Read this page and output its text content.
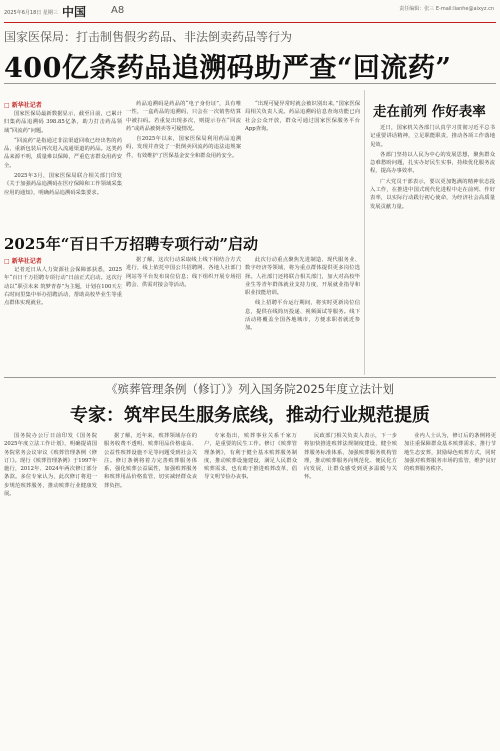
2025年6月18日 星期三 中国 A8	责任编辑：张三 E-mail:lianhe@aixyz.cn
国家医保局：打击制售假劣药品、非法倒卖药品等行为
400亿条药品追溯码助严查“回流药”
□ 新华社记者

国家医保局最新数据显示，截至目前，已累计归集药品追溯码 398.85亿条，助力打击药品领域“回流药”问题。

“回流药”是指通过非法渠道回收已经出售的药品，重新包装后再次进入流通渠道的药品。这类药品来源不明，质量难以保障，严重危害群众用药安全。

2025年3月，国家医保局联合相关部门印发《关于加强药品追溯码在医疗保障和工作领域采集应用的通知》，明确药品追溯码采集要求。

药品追溯码是药品的“电子身份证”，具有唯一性，一盒药品的追溯码，只会在一次销售结算中被扫码。若重复出现多次，则提示存在“回流药”或药品被倒卖等可疑情况。

自2025年以来，国家医保局利用药品追溯码，发现并查处了一批倒卖回流药的违法违规案件，有效维护了医保基金安全和群众用药安全。

“出现可疑异常时就会被识别出来，”国家医保局相关负责人说。药品追溯码信息查询功能已向社会公众开放，群众可通过国家医保服务平台App查询。

2025年“百日千万招聘专项行动”启动
□ 新华社记者

记者近日从人力资源社会保障部获悉，2025年“百日千万招聘专项行动”日前正式启动。这次行动以“职引未来 筑梦青春”为主题，计划在100天左右时间里集中举办招聘活动，帮助高校毕业生等重点群体实现就业。

据了解，这次行动采取线上线下相结合方式进行，线上依托中国公共招聘网、各地人社部门网站等平台发布岗位信息；线下组织开展专场招聘会、供需对接会等活动。

此次行动重点聚焦先进制造、现代服务业、数字经济等领域，将为重点群体提供更多岗位选择。人社部门还将联合相关部门，加大对高校毕业生等青年群体就业支持力度，开展就业指导和职业技能培训。

线上招聘平台运行期间，将实时更新岗位信息，提供在线简历投递、视频面试等服务。线下活动将覆盖全国各地城市，方便求职者就近参加。

走在前列 作好表率

近日，国家机关各部门认真学习贯彻习近平总书记重要讲话精神，立足职能职责，推动各项工作落地见效。

各部门坚持以人民为中心的发展思想，聚焦群众急难愁盼问题，扎实办好民生实事，持续优化服务流程，提高办事效率。

广大党员干部表示，要以更加饱满的精神状态投入工作，在推进中国式现代化进程中走在前列、作好表率，以实际行动践行初心使命，为经济社会高质量发展贡献力量。

《殡葬管理条例（修订）》列入国务院2025年度立法计划
专家：筑牢民生服务底线，推动行业规范提质

国务院办公厅日前印发《国务院2025年度立法工作计划》，明确提请国务院常务会议审议《殡葬管理条例（修订）》。现行《殡葬管理条例》于1997年施行，2012年、2024年两次修订部分条款。多位专家认为，此次修订将进一步规范殡葬服务，推动殡葬行业健康发展。

据了解，近年来，殡葬领域存在的服务收费不透明、殡葬用品价格虚高、公益性殡葬设施不足等问题受到社会关注。修订条例将着力完善殡葬服务体系，强化殡葬公益属性，加强殡葬服务和殡葬用品价格监管，切实减轻群众丧葬负担。

专家指出，殡葬事业关系千家万户，是重要的民生工作。修订《殡葬管理条例》，有利于健全基本殡葬服务制度，推动殡葬设施建设，满足人民群众殡葬需求，也有助于推进殡葬改革，倡导文明节俭办丧事。

民政部门相关负责人表示，下一步将加快推进殡葬法规制度建设，健全殡葬服务标准体系，加强殡葬服务机构管理，推动殡葬服务向规范化、便民化方向发展，让群众感受到更多温暖与关怀。

业内人士认为，修订后的条例将更加注重保障群众基本殡葬需求，推行节地生态安葬，鼓励绿色殡葬方式，同时加强对殡葬服务市场的监管，维护良好的殡葬服务秩序。
